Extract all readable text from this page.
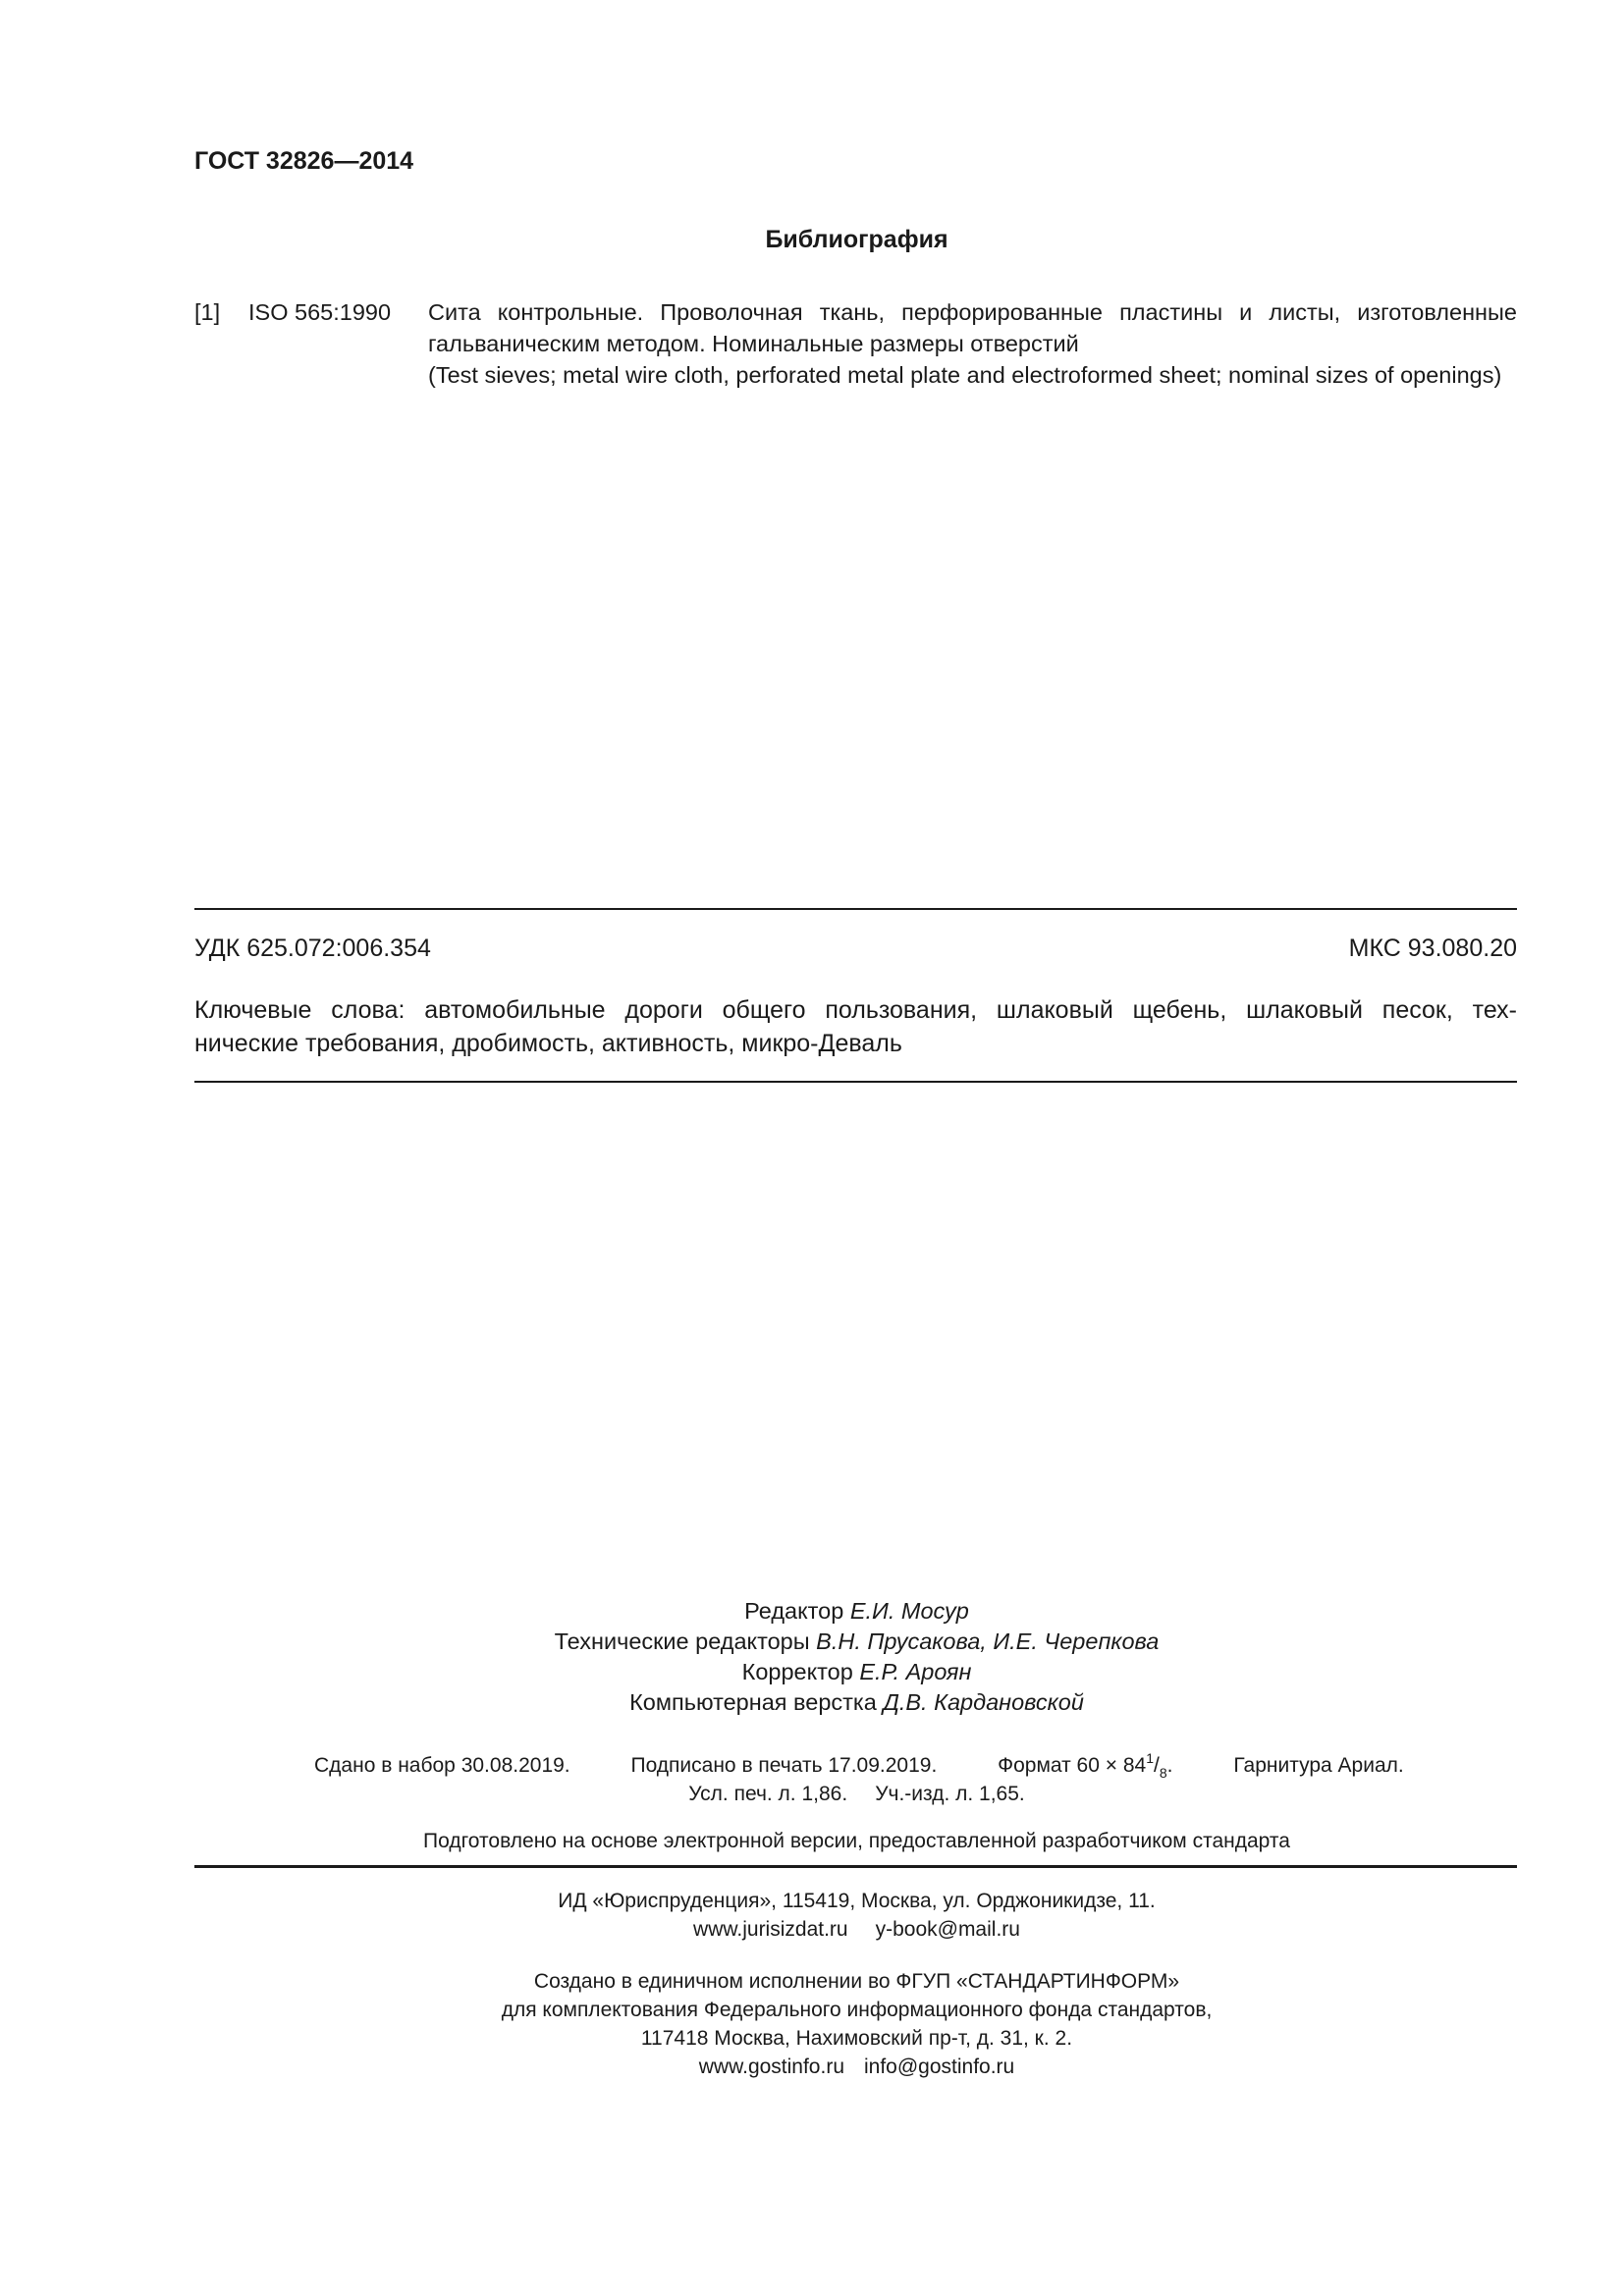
ГОСТ 32826—2014
Библиография
[1] ISO 565:1990 Сита контрольные. Проволочная ткань, перфорированные пластины и листы, изготовленные
гальваническим методом. Номинальные размеры отверстий
(Test sieves; metal wire cloth, perforated metal plate and electroformed sheet; nominal sizes of openings)
УДК 625.072:006.354	МКС 93.080.20
Ключевые слова: автомобильные дороги общего пользования, шлаковый щебень, шлаковый песок, тех-
нические требования, дробимость, активность, микро-Деваль
Редактор Е.И. Мосур
Технические редакторы В.Н. Прусакова, И.Е. Черепкова
Корректор Е.Р. Ароян
Компьютерная верстка Д.В. Кардановской
Сдано в набор 30.08.2019.	Подписано в печать 17.09.2019.	Формат 60 × 841/8.	Гарнитура Ариал.
Усл. печ. л. 1,86. Уч.-изд. л. 1,65.
Подготовлено на основе электронной версии, предоставленной разработчиком стандарта
ИД «Юриспруденция», 115419, Москва, ул. Орджоникидзе, 11.
www.jurisizdat.ru y-book@mail.ru
Создано в единичном исполнении во ФГУП «СТАНДАРТИНФОРМ»
для комплектования Федерального информационного фонда стандартов,
117418 Москва, Нахимовский пр-т, д. 31, к. 2.
www.gostinfo.ru info@gostinfo.ru
